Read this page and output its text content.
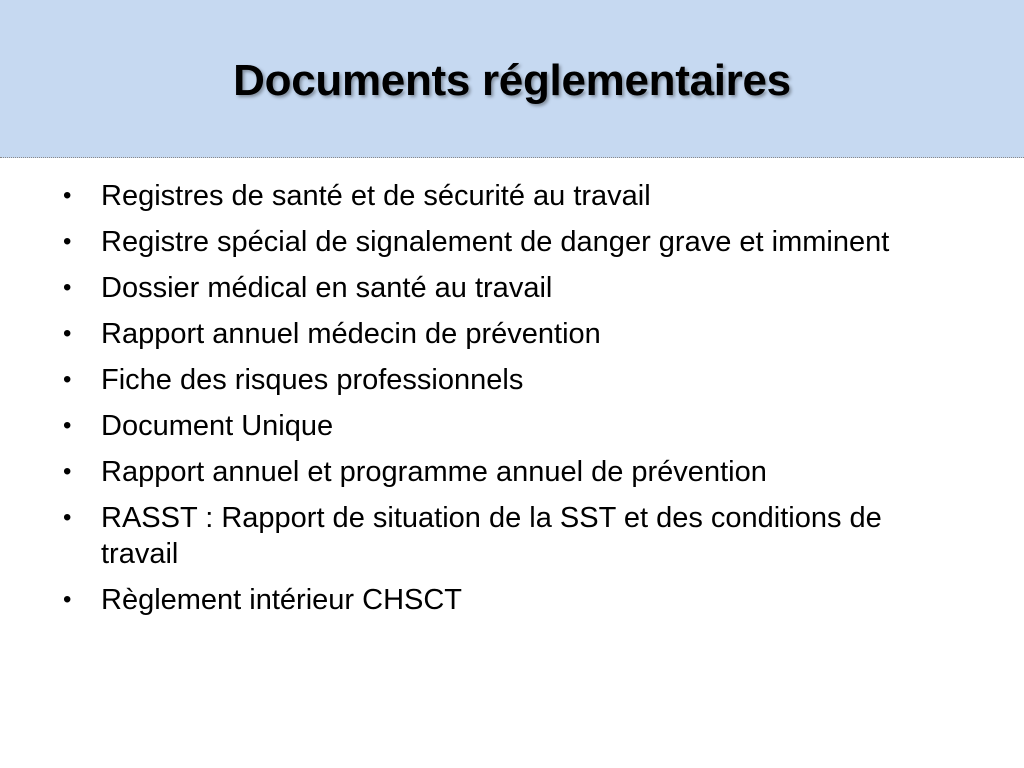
Documents réglementaires
• Registres de santé et de sécurité au travail
• Registre spécial de signalement de danger grave et imminent
• Dossier médical en santé au travail
• Rapport annuel médecin de prévention
• Fiche des risques professionnels
• Document Unique
• Rapport annuel et programme annuel de prévention
• RASST : Rapport de situation de la SST et des conditions de travail
• Règlement intérieur CHSCT
